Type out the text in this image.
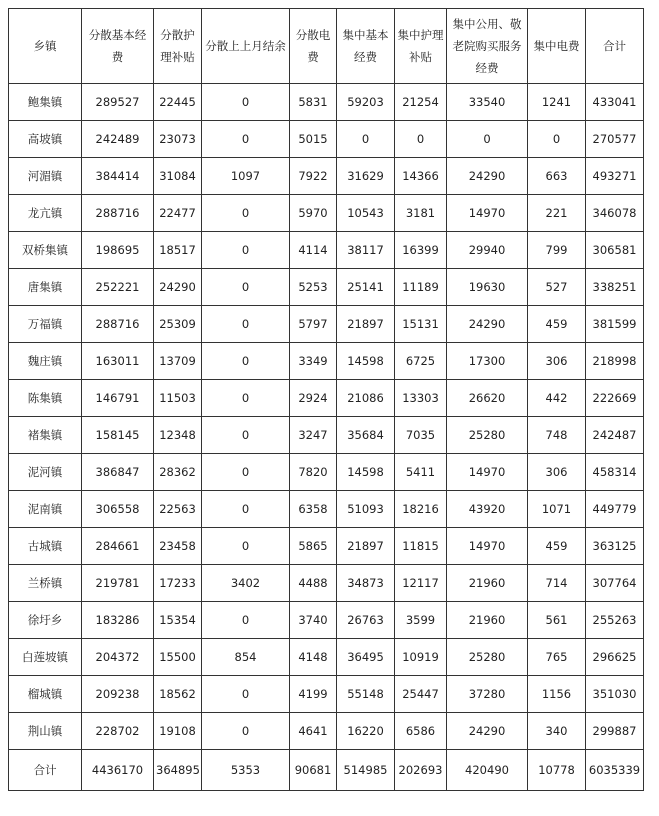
乡镇	分散基本经费	分散护理补贴	分散上上月结余	分散电费	集中基本经费	集中护理补贴	集中公用、敬老院购买服务经费	集中电费	合计
鲍集镇	289527	22445	0	5831	59203	21254	33540	1241	433041
高坡镇	242489	23073	0	5015	0	0	0	0	270577
河湄镇	384414	31084	1097	7922	31629	14366	24290	663	493271
龙亢镇	288716	22477	0	5970	10543	3181	14970	221	346078
双桥集镇	198695	18517	0	4114	38117	16399	29940	799	306581
唐集镇	252221	24290	0	5253	25141	11189	19630	527	338251
万福镇	288716	25309	0	5797	21897	15131	24290	459	381599
魏庄镇	163011	13709	0	3349	14598	6725	17300	306	218998
陈集镇	146791	11503	0	2924	21086	13303	26620	442	222669
褚集镇	158145	12348	0	3247	35684	7035	25280	748	242487
泥河镇	386847	28362	0	7820	14598	5411	14970	306	458314
泥南镇	306558	22563	0	6358	51093	18216	43920	1071	449779
古城镇	284661	23458	0	5865	21897	11815	14970	459	363125
兰桥镇	219781	17233	3402	4488	34873	12117	21960	714	307764
徐圩乡	183286	15354	0	3740	26763	3599	21960	561	255263
白莲坡镇	204372	15500	854	4148	36495	10919	25280	765	296625
榴城镇	209238	18562	0	4199	55148	25447	37280	1156	351030
荆山镇	228702	19108	0	4641	16220	6586	24290	340	299887
合计	4436170	364895	5353	90681	514985	202693	420490	10778	6035339
